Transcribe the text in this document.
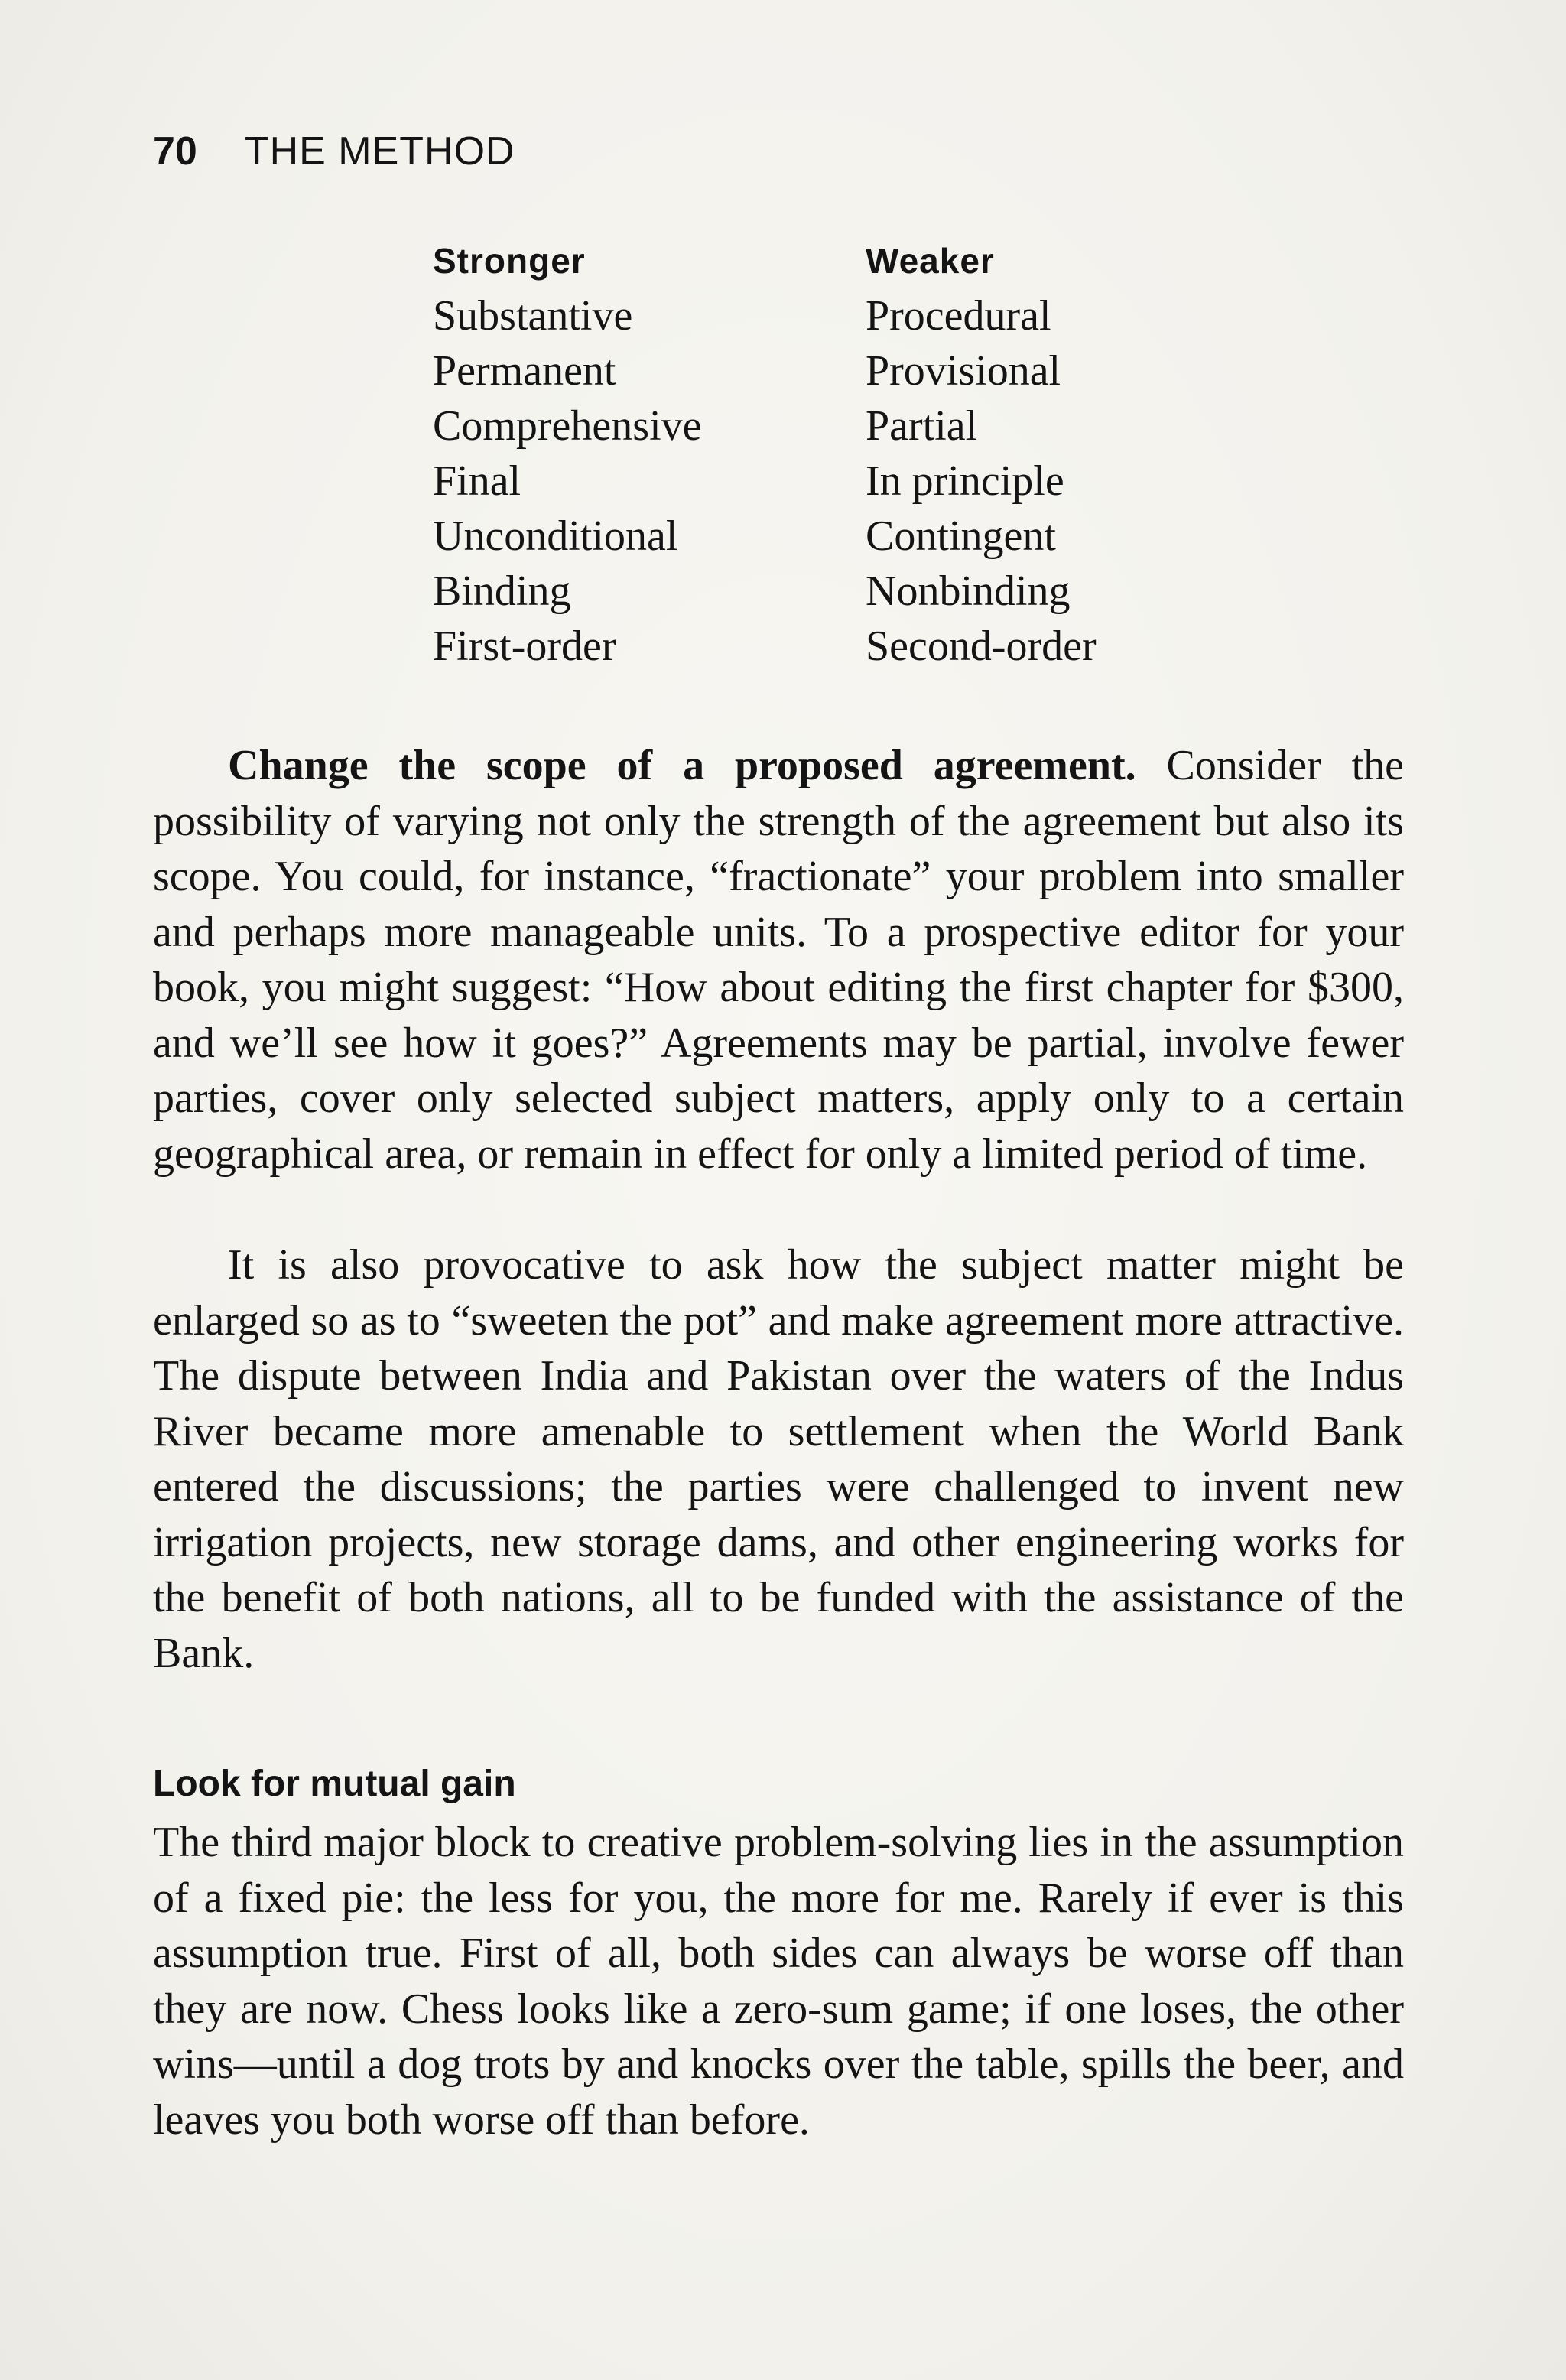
70 THE METHOD
Stronger
Substantive
Permanent
Comprehensive
Final
Unconditional
Binding
First-order
Weaker
Procedural
Provisional
Partial
In principle
Contingent
Nonbinding
Second-order

Change the scope of a proposed agreement. Consider the possibility of varying not only the strength of the agreement but also its scope. You could, for instance, “fractionate” your problem into smaller and perhaps more manageable units. To a prospective editor for your book, you might suggest: “How about editing the first chapter for $300, and we’ll see how it goes?” Agreements may be partial, involve fewer parties, cover only selected subject matters, apply only to a certain geographical area, or remain in effect for only a limited period of time.

It is also provocative to ask how the subject matter might be enlarged so as to “sweeten the pot” and make agreement more attractive. The dispute between India and Pakistan over the waters of the Indus River became more amenable to settlement when the World Bank entered the discussions; the parties were challenged to invent new irrigation projects, new storage dams, and other engineering works for the benefit of both nations, all to be funded with the assistance of the Bank.

Look for mutual gain

The third major block to creative problem-solving lies in the assumption of a fixed pie: the less for you, the more for me. Rarely if ever is this assumption true. First of all, both sides can always be worse off than they are now. Chess looks like a zero-sum game; if one loses, the other wins—until a dog trots by and knocks over the table, spills the beer, and leaves you both worse off than before.
